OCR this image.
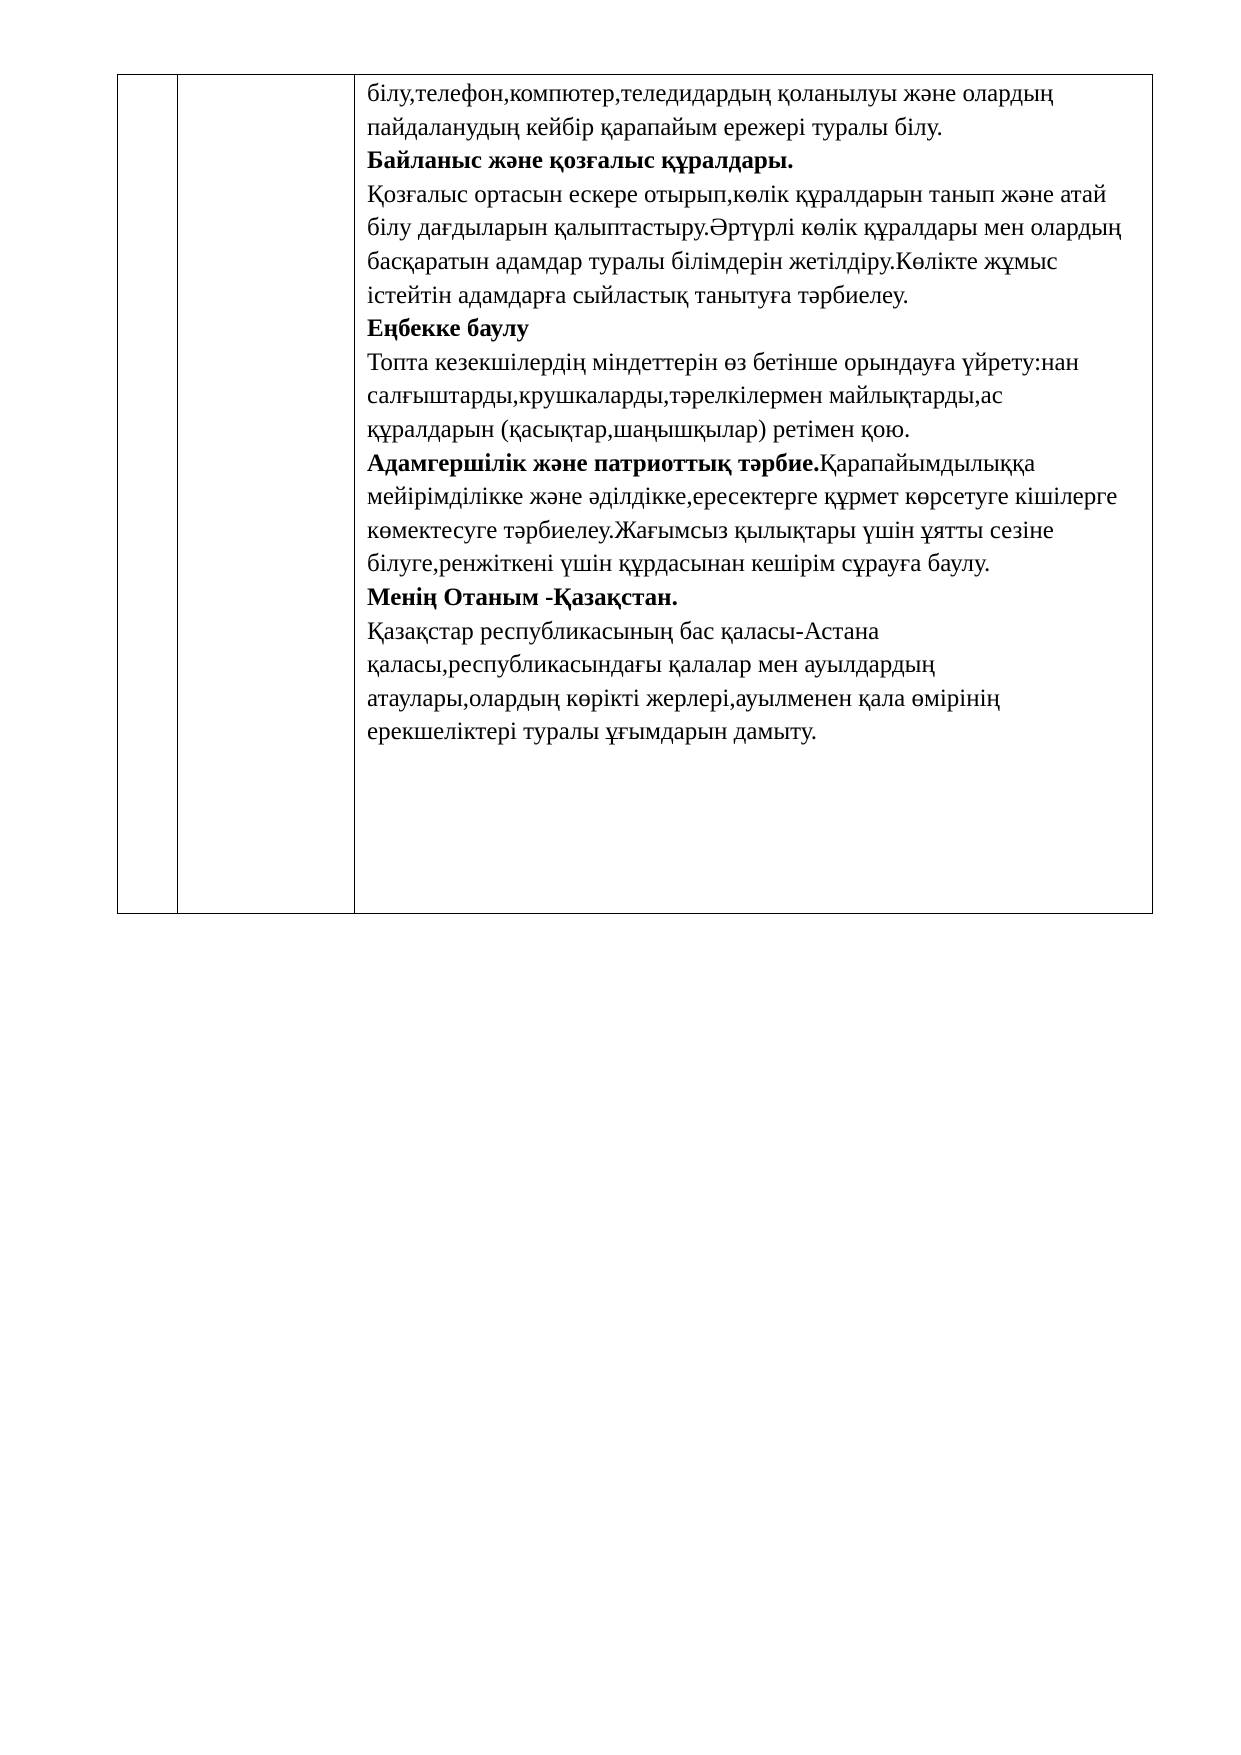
білу,телефон,компютер,теледидардың қоланылуы және олардың пайдаланудың кейбір қарапайым ережері туралы білу.

Байланыс және қозғалыс құралдары.

Қозғалыс ортасын ескере отырып,көлік құралдарын танып және атай білу дағдыларын қалыптастыру.Әртүрлі көлік құралдары мен олардың басқаратын адамдар туралы білімдерін жетілдіру.Көлікте жұмыс істейтін адамдарға сыйластық танытуға тәрбиелеу.

Еңбекке баулу

Топта кезекшілердің міндеттерін өз бетінше орындауға үйрету:нан салғыштарды,крушкаларды,тәрелкілермен майлықтарды,ас құралдарын (қасықтар,шаңышқылар) ретімен қою.

Адамгершілік және патриоттық тәрбие.Қарапайымдылыққа мейірімділікке және әділдікке,ересектерге құрмет көрсетуге кішілерге көмектесуге тәрбиелеу.Жағымсыз қылықтары үшін ұятты сезіне білуге,ренжіткені үшін құрдасынан кешірім сұрауға баулу.

Менің Отаным -Қазақстан.

Қазақстар республикасының бас қаласы-Астана қаласы,республикасындағы қалалар мен ауылдардың атаулары,олардың көрікті жерлері,ауылменен қала өмірінің ерекшеліктері туралы ұғымдарын дамыту.
